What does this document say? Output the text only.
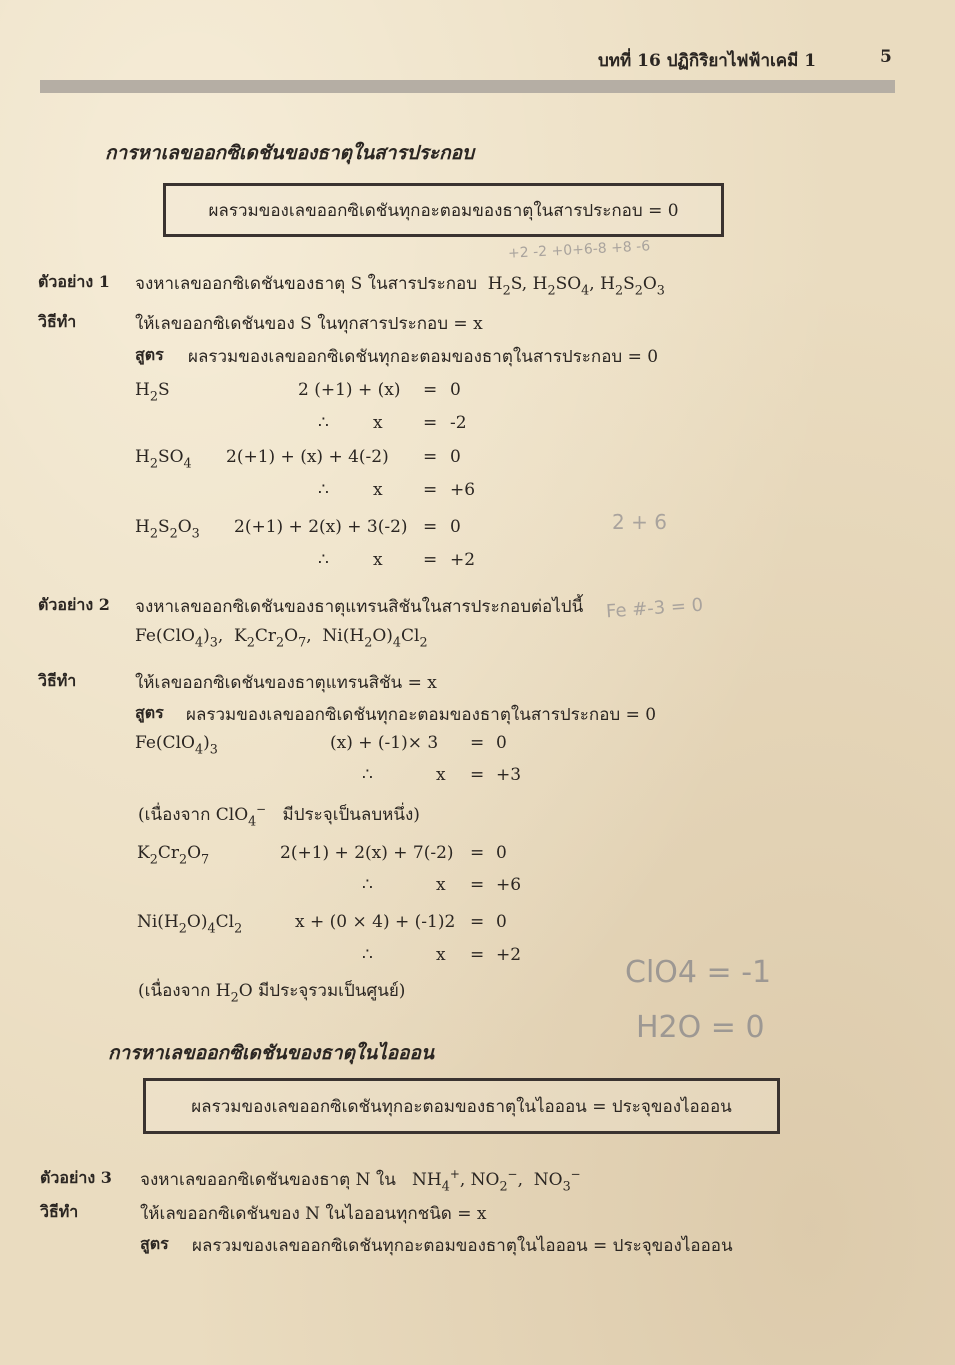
บทที่ 16 ปฏิกิริยาไฟฟ้าเคมี 1	5
การหาเลขออกซิเดชันของธาตุในสารประกอบ
ผลรวมของเลขออกซิเดชันทุกอะตอมของธาตุในสารประกอบ = 0
ตัวอย่าง 1 จงหาเลขออกซิเดชันของธาตุ S ในสารประกอบ  $H_2S$, $H_2SO_4$, $H_2S_2O_3$
วิธีทำ	ให้เลขออกซิเดชันของ S ในทุกสารประกอบ = x
สูตร ผลรวมของเลขออกซิเดชันทุกอะตอมของธาตุในสารประกอบ = 0
$H_2S$	2 (+1) + (x) = 0
∴	x = -2
$H_2SO_4$ 2(+1) + (x) + 4(-2) = 0
∴	x = +6
$H_2S_2O_3$ 2(+1) + 2(x) + 3(-2) = 0
∴	x = +2
ตัวอย่าง 2 จงหาเลขออกซิเดชันของธาตุแทรนสิชันในสารประกอบต่อไปนี้
$Fe(ClO_4)_3$,  $K_2Cr_2O_7$,  $Ni(H_2O)_4Cl_2$
วิธีทำ	ให้เลขออกซิเดชันของธาตุแทรนสิชัน = x
สูตร ผลรวมของเลขออกซิเดชันทุกอะตอมของธาตุในสารประกอบ = 0
$Fe(ClO_4)_3$	(x) + (-1)× 3 = 0
∴	x = +3
(เนื่องจาก ClO$_4$− มีประจุเป็นลบหนึ่ง)
$K_2Cr_2O_7$	2(+1) + 2(x) + 7(-2) = 0
∴	x = +6
$Ni(H_2O)_4Cl_2$	x + (0 × 4) + (-1)2 = 0
∴	x = +2
(เนื่องจาก $H_2O$ มีประจุรวมเป็นศูนย์)
การหาเลขออกซิเดชันของธาตุในไอออน
ผลรวมของเลขออกซิเดชันทุกอะตอมของธาตุในไอออน = ประจุของไอออน
ตัวอย่าง 3 จงหาเลขออกซิเดชันของธาตุ N ใน   $NH_4^+$, $NO_2^-$,  $NO_3^-$
วิธีทำ	ให้เลขออกซิเดชันของ N ในไอออนทุกชนิด = x
สูตร ผลรวมของเลขออกซิเดชันทุกอะตอมของธาตุในไอออน = ประจุของไอออน
+2 -2 +0+6-8 +8 -6
2 + 6
Fe #-3 = 0
ClO4 = -1
H2O = 0
